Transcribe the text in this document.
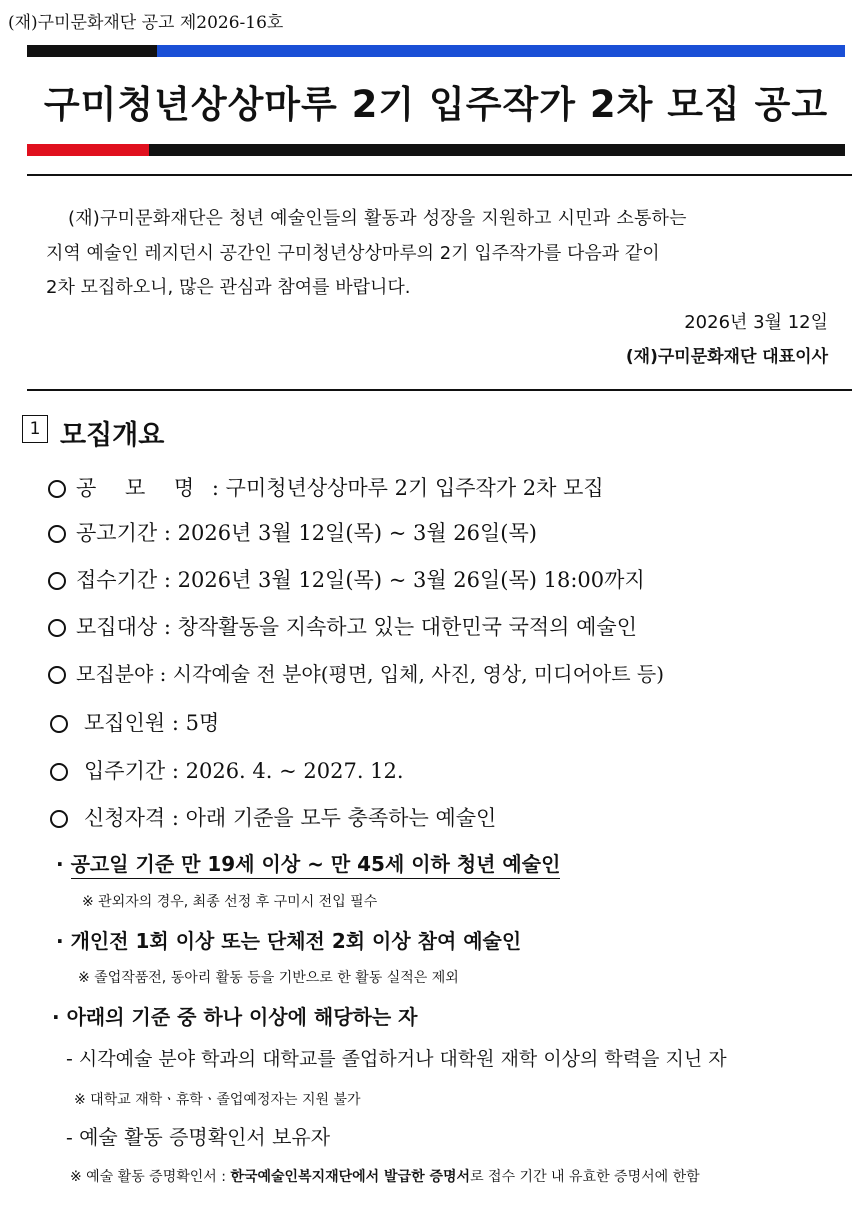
(재)구미문화재단 공고 제2026-16호
구미청년상상마루 2기 입주작가 2차 모집 공고
(재)구미문화재단은 청년 예술인들의 활동과 성장을 지원하고 시민과 소통하는
지역 예술인 레지던시 공간인 구미청년상상마루의 2기 입주작가를 다음과 같이
2차 모집하오니, 많은 관심과 참여를 바랍니다.
2026년 3월 12일
(재)구미문화재단 대표이사
1 모집개요
공 모 명 : 구미청년상상마루 2기 입주작가 2차 모집
공고기간 : 2026년 3월 12일(목) ~ 3월 26일(목)
접수기간 : 2026년 3월 12일(목) ~ 3월 26일(목) 18:00까지
모집대상 : 창작활동을 지속하고 있는 대한민국 국적의 예술인
모집분야 : 시각예술 전 분야(평면, 입체, 사진, 영상, 미디어아트 등)
모집인원 : 5명
입주기간 : 2026. 4. ~ 2027. 12.
신청자격 : 아래 기준을 모두 충족하는 예술인
· 공고일 기준 만 19세 이상 ~ 만 45세 이하 청년 예술인
※ 관외자의 경우, 최종 선정 후 구미시 전입 필수
· 개인전 1회 이상 또는 단체전 2회 이상 참여 예술인
※ 졸업작품전, 동아리 활동 등을 기반으로 한 활동 실적은 제외
· 아래의 기준 중 하나 이상에 해당하는 자
- 시각예술 분야 학과의 대학교를 졸업하거나 대학원 재학 이상의 학력을 지닌 자
※ 대학교 재학ㆍ휴학ㆍ졸업예정자는 지원 불가
- 예술 활동 증명확인서 보유자
※ 예술 활동 증명확인서 : 한국예술인복지재단에서 발급한 증명서로 접수 기간 내 유효한 증명서에 한함
